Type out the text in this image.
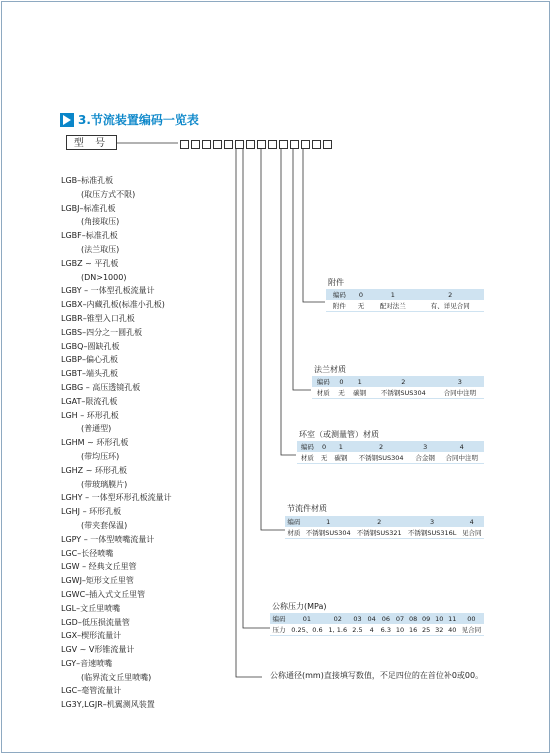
3.节流装置编码一览表
型 号
LGB–标准孔板
(取压方式不限)
LGBJ–标准孔板
(角接取压)
LGBF–标准孔板
(法兰取压)
LGBZ ~ 平孔板
(DN>1000)
LGBY – 一体型孔板流量计
LGBX–内藏孔板(标准小孔板)
LGBR–锥型入口孔板
LGBS–四分之一圆孔板
LGBQ–圆缺孔板
LGBP–偏心孔板
LGBT–端头孔板
LGBG – 高压透镜孔板
LGAT–限流孔板
LGH – 环形孔板
(普通型)
LGHM ~ 环形孔板
(带均压环)
LGHZ ~ 环形孔板
(带玻璃膜片)
LGHY – 一体型环形孔板流量计
LGHJ – 环形孔板
(带夹套保温)
LGPY – 一体型喷嘴流量计
LGC–长径喷嘴
LGW – 经典文丘里管
LGWJ–矩形文丘里管
LGWC–插入式文丘里管
LGL–文丘里喷嘴
LGD–低压损流量管
LGX–楔形流量计
LGV ~ V形锥流量计
LGY–音速喷嘴
(临界流文丘里喷嘴)
LGC–毫管流量计
LG3Y,LGJR–机翼测风装置
附件
编码	0	1	2
附件	无	配对法兰	有、详见合同
法兰材质
编码	0	1	2	3
材质	无	碳钢	不锈钢SUS304	合同中注明
环室（或测量管）材质
编码	0	1	2	3	4
材质	无	碳钢	不锈钢SUS304	合金钢	合同中注明
节流件材质
编码	1	2	3	4
材质	不锈钢SUS304	不锈钢SUS321	不锈钢SUS316L	见合同
公称压力(MPa)
编码	01	02	03	04	06	07	08	09	10	11	00
压力	0.25、0.6	1, 1.6	2.5	4	6.3	10	16	25	32	40	见合同
公称通径(mm)直接填写数值，不足四位的在首位补0或00。
